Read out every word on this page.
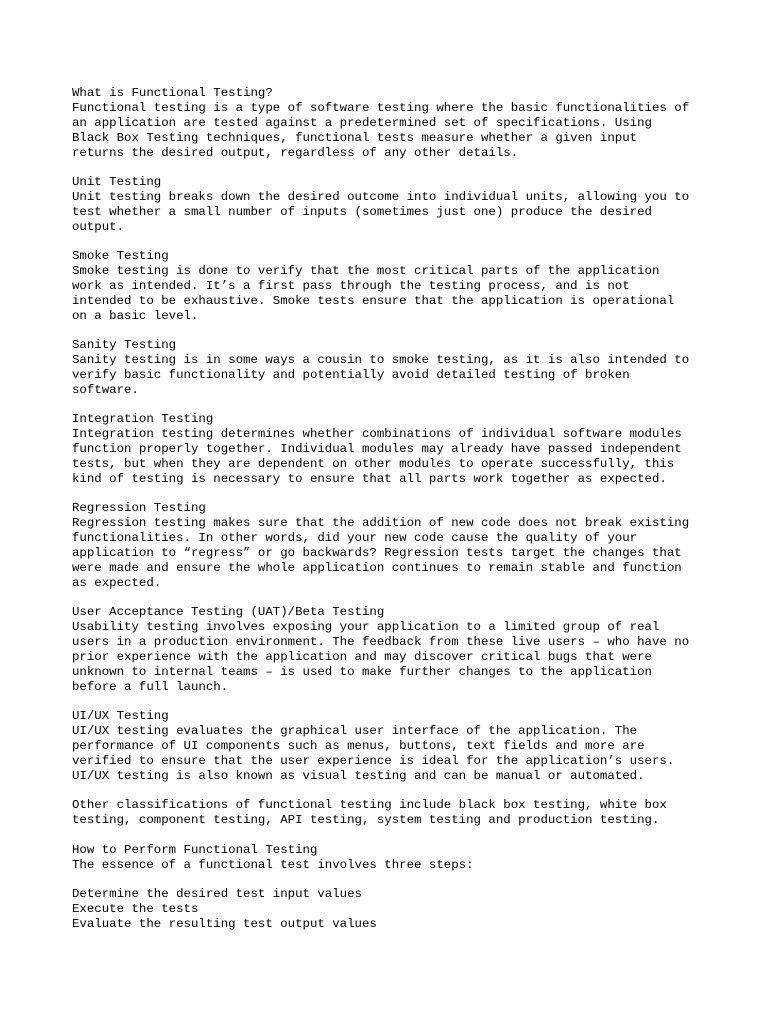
What is Functional Testing?
Functional testing is a type of software testing where the basic functionalities of
an application are tested against a predetermined set of specifications. Using
Black Box Testing techniques, functional tests measure whether a given input
returns the desired output, regardless of any other details.
Unit Testing
Unit testing breaks down the desired outcome into individual units, allowing you to
test whether a small number of inputs (sometimes just one) produce the desired
output.
Smoke Testing
Smoke testing is done to verify that the most critical parts of the application
work as intended. It’s a first pass through the testing process, and is not
intended to be exhaustive. Smoke tests ensure that the application is operational
on a basic level.
Sanity Testing
Sanity testing is in some ways a cousin to smoke testing, as it is also intended to
verify basic functionality and potentially avoid detailed testing of broken
software.
Integration Testing
Integration testing determines whether combinations of individual software modules
function properly together. Individual modules may already have passed independent
tests, but when they are dependent on other modules to operate successfully, this
kind of testing is necessary to ensure that all parts work together as expected.
Regression Testing
Regression testing makes sure that the addition of new code does not break existing
functionalities. In other words, did your new code cause the quality of your
application to “regress” or go backwards? Regression tests target the changes that
were made and ensure the whole application continues to remain stable and function
as expected.
User Acceptance Testing (UAT)/Beta Testing
Usability testing involves exposing your application to a limited group of real
users in a production environment. The feedback from these live users – who have no
prior experience with the application and may discover critical bugs that were
unknown to internal teams – is used to make further changes to the application
before a full launch.
UI/UX Testing
UI/UX testing evaluates the graphical user interface of the application. The
performance of UI components such as menus, buttons, text fields and more are
verified to ensure that the user experience is ideal for the application’s users.
UI/UX testing is also known as visual testing and can be manual or automated.
Other classifications of functional testing include black box testing, white box
testing, component testing, API testing, system testing and production testing.
How to Perform Functional Testing
The essence of a functional test involves three steps:
Determine the desired test input values
Execute the tests
Evaluate the resulting test output values
